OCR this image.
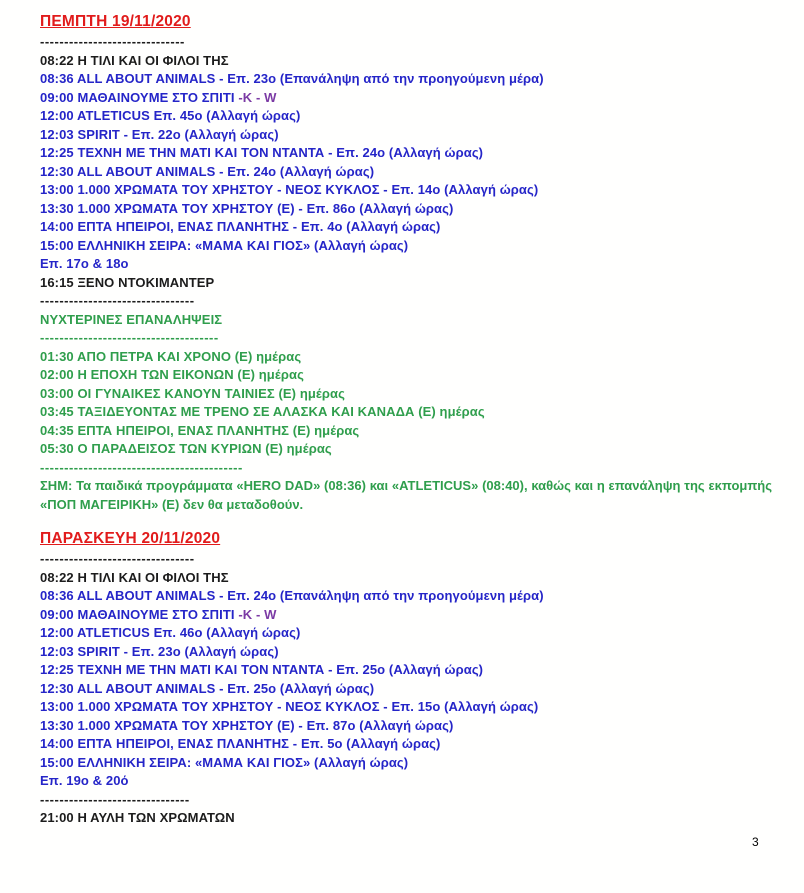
ΠΕΜΠΤΗ 19/11/2020
------------------------------
08:22 Η ΤΙΛΙ ΚΑΙ ΟΙ ΦΙΛΟΙ ΤΗΣ
08:36 ALL ABOUT ANIMALS - Επ. 23ο (Επανάληψη από την προηγούμενη μέρα)
09:00 ΜΑΘΑΙΝΟΥΜΕ ΣΤΟ ΣΠΙΤΙ -Κ - W
12:00 ATLETICUS Επ. 45ο (Αλλαγή ώρας)
12:03 SPIRIT - Επ. 22ο (Αλλαγή ώρας)
12:25 ΤΕΧΝΗ ΜΕ ΤΗΝ ΜΑΤΙ ΚΑΙ ΤΟΝ ΝΤΑΝΤΑ - Επ. 24ο (Αλλαγή ώρας)
12:30 ALL ABOUT ANIMALS - Επ. 24ο (Αλλαγή ώρας)
13:00 1.000 ΧΡΩΜΑΤΑ ΤΟΥ ΧΡΗΣΤΟΥ - ΝΕΟΣ ΚΥΚΛΟΣ - Επ. 14ο (Αλλαγή ώρας)
13:30 1.000 ΧΡΩΜΑΤΑ ΤΟΥ ΧΡΗΣΤΟΥ (Ε) - Επ. 86ο (Αλλαγή ώρας)
14:00 ΕΠΤΑ ΗΠΕΙΡΟΙ, ΕΝΑΣ ΠΛΑΝΗΤΗΣ - Επ. 4ο (Αλλαγή ώρας)
15:00 ΕΛΛΗΝΙΚΗ ΣΕΙΡΑ: «ΜΑΜΑ ΚΑΙ ΓΙΟΣ» (Αλλαγή ώρας)
Επ. 17ο & 18ο
16:15 ΞΕΝΟ ΝΤΟΚΙΜΑΝΤΕΡ
--------------------------------
ΝΥΧΤΕΡΙΝΕΣ ΕΠΑΝΑΛΗΨΕΙΣ
-------------------------------------
01:30 ΑΠΟ ΠΕΤΡΑ ΚΑΙ ΧΡΟΝΟ (Ε) ημέρας
02:00 Η ΕΠΟΧΗ ΤΩΝ ΕΙΚΟΝΩΝ (Ε) ημέρας
03:00 ΟΙ ΓΥΝΑΙΚΕΣ ΚΑΝΟΥΝ ΤΑΙΝΙΕΣ (Ε) ημέρας
03:45 ΤΑΞΙΔΕΥΟΝΤΑΣ ΜΕ ΤΡΕΝΟ ΣΕ ΑΛΑΣΚΑ ΚΑΙ ΚΑΝΑΔΑ (Ε) ημέρας
04:35 ΕΠΤΑ ΗΠΕΙΡΟΙ, ΕΝΑΣ ΠΛΑΝΗΤΗΣ (Ε) ημέρας
05:30 Ο ΠΑΡΑΔΕΙΣΟΣ ΤΩΝ ΚΥΡΙΩΝ (Ε) ημέρας
------------------------------------------
ΣΗΜ: Τα παιδικά προγράμματα «HERO DAD» (08:36) και «ATLETICUS» (08:40), καθώς και η επανάληψη της εκπομπής «ΠΟΠ ΜΑΓΕΙΡΙΚΗ» (Ε) δεν θα μεταδοθούν.
ΠΑΡΑΣΚΕΥΗ 20/11/2020
--------------------------------
08:22 Η ΤΙΛΙ ΚΑΙ ΟΙ ΦΙΛΟΙ ΤΗΣ
08:36 ALL ABOUT ANIMALS - Επ. 24ο (Επανάληψη από την προηγούμενη μέρα)
09:00 ΜΑΘΑΙΝΟΥΜΕ ΣΤΟ ΣΠΙΤΙ -Κ - W
12:00 ATLETICUS Επ. 46ο (Αλλαγή ώρας)
12:03 SPIRIT - Επ. 23ο (Αλλαγή ώρας)
12:25 ΤΕΧΝΗ ΜΕ ΤΗΝ ΜΑΤΙ ΚΑΙ ΤΟΝ ΝΤΑΝΤΑ - Επ. 25ο (Αλλαγή ώρας)
12:30 ALL ABOUT ANIMALS - Επ. 25ο (Αλλαγή ώρας)
13:00 1.000 ΧΡΩΜΑΤΑ ΤΟΥ ΧΡΗΣΤΟΥ - ΝΕΟΣ ΚΥΚΛΟΣ - Επ. 15ο (Αλλαγή ώρας)
13:30 1.000 ΧΡΩΜΑΤΑ ΤΟΥ ΧΡΗΣΤΟΥ (Ε) - Επ. 87ο (Αλλαγή ώρας)
14:00 ΕΠΤΑ ΗΠΕΙΡΟΙ, ΕΝΑΣ ΠΛΑΝΗΤΗΣ - Επ. 5ο (Αλλαγή ώρας)
15:00 ΕΛΛΗΝΙΚΗ ΣΕΙΡΑ: «ΜΑΜΑ ΚΑΙ ΓΙΟΣ» (Αλλαγή ώρας)
Επ. 19ο & 20ό
-------------------------------
21:00 Η ΑΥΛΗ ΤΩΝ ΧΡΩΜΑΤΩΝ
3
